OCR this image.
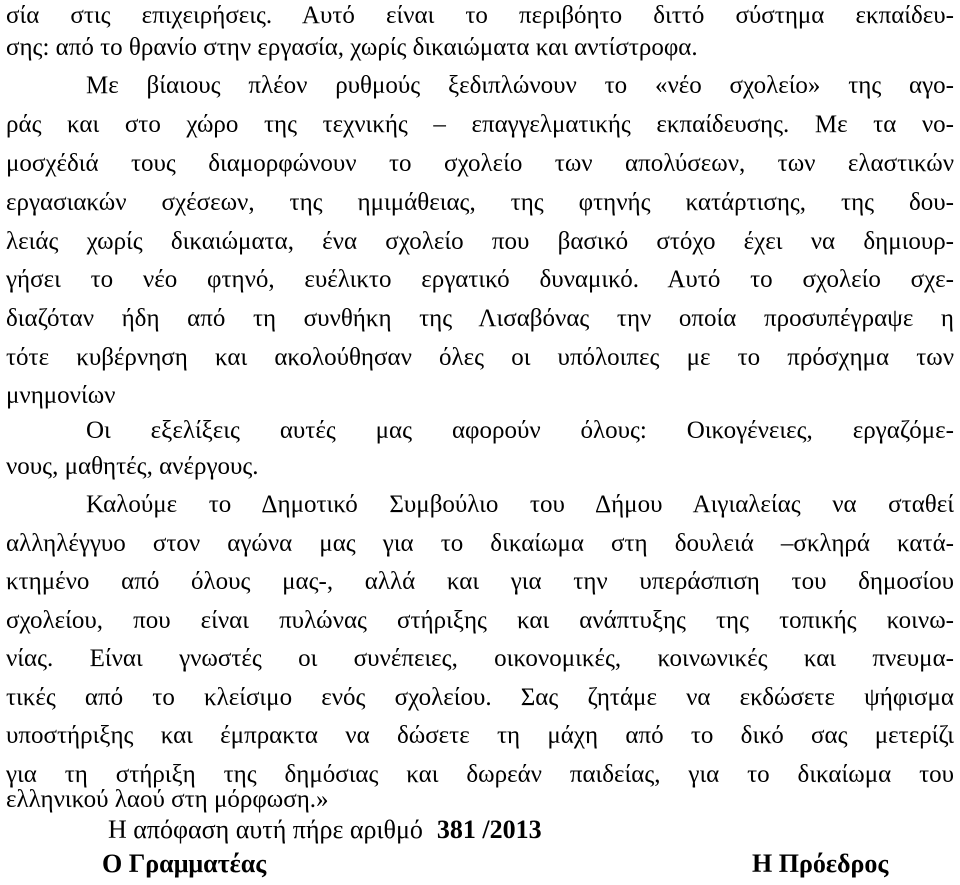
σία στις επιχειρήσεις. Αυτό είναι το περιβόητο διττό σύστημα εκπαίδευ-
σης: από το θρανίο στην εργασία, χωρίς δικαιώματα και αντίστροφα.
Με βίαιους πλέον ρυθμούς ξεδιπλώνουν το «νέο σχολείο» της αγο-
ράς και στο χώρο της τεχνικής – επαγγελματικής εκπαίδευσης. Με τα νο-
μοσχέδιά τους διαμορφώνουν το σχολείο των απολύσεων, των ελαστικών
εργασιακών σχέσεων, της ημιμάθειας, της φτηνής κατάρτισης, της δου-
λειάς χωρίς δικαιώματα, ένα σχολείο που βασικό στόχο έχει να δημιουρ-
γήσει το νέο φτηνό, ευέλικτο εργατικό δυναμικό. Αυτό το σχολείο σχε-
διαζόταν ήδη από τη συνθήκη της Λισαβόνας την οποία προσυπέγραψε η
τότε κυβέρνηση και ακολούθησαν όλες οι υπόλοιπες με το πρόσχημα των
μνημονίων
Οι εξελίξεις αυτές μας αφορούν όλους: Οικογένειες, εργαζόμε-
νους, μαθητές, ανέργους.
Καλούμε το Δημοτικό Συμβούλιο του Δήμου Αιγιαλείας να σταθεί
αλληλέγγυο στον αγώνα μας για το δικαίωμα στη δουλειά –σκληρά κατά-
κτημένο από όλους μας-, αλλά και για την υπεράσπιση του δημοσίου
σχολείου, που είναι πυλώνας στήριξης και ανάπτυξης της τοπικής κοινω-
νίας. Είναι γνωστές οι συνέπειες, οικονομικές, κοινωνικές και πνευμα-
τικές από το κλείσιμο ενός σχολείου. Σας ζητάμε να εκδώσετε ψήφισμα
υποστήριξης και έμπρακτα να δώσετε τη μάχη από το δικό σας μετερίζι
για τη στήριξη της δημόσιας και δωρεάν παιδείας, για το δικαίωμα του
ελληνικού λαού στη μόρφωση.»
Η απόφαση αυτή πήρε αριθμό 381 /2013
Ο Γραμματέας	Η Πρόεδρος
